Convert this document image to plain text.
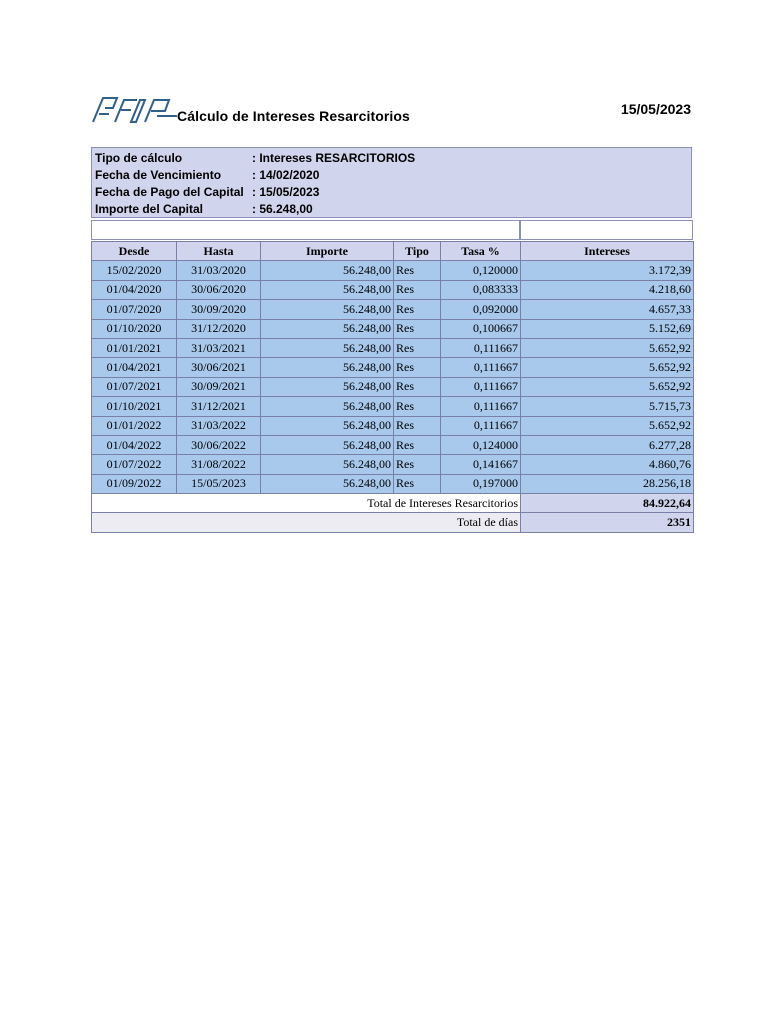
Cálculo de Intereses Resarcitorios	15/05/2023
Tipo de cálculo	: Intereses RESARCITORIOS
Fecha de Vencimiento	: 14/02/2020
Fecha de Pago del Capital : 15/05/2023
Importe del Capital	: 56.248,00
Desde	Hasta	Importe	Tipo	Tasa %	Intereses
15/02/2020	31/03/2020	56.248,00	Res	0,120000	3.172,39
01/04/2020	30/06/2020	56.248,00	Res	0,083333	4.218,60
01/07/2020	30/09/2020	56.248,00	Res	0,092000	4.657,33
01/10/2020	31/12/2020	56.248,00	Res	0,100667	5.152,69
01/01/2021	31/03/2021	56.248,00	Res	0,111667	5.652,92
01/04/2021	30/06/2021	56.248,00	Res	0,111667	5.652,92
01/07/2021	30/09/2021	56.248,00	Res	0,111667	5.652,92
01/10/2021	31/12/2021	56.248,00	Res	0,111667	5.715,73
01/01/2022	31/03/2022	56.248,00	Res	0,111667	5.652,92
01/04/2022	30/06/2022	56.248,00	Res	0,124000	6.277,28
01/07/2022	31/08/2022	56.248,00	Res	0,141667	4.860,76
01/09/2022	15/05/2023	56.248,00	Res	0,197000	28.256,18
Total de Intereses Resarcitorios					84.922,64
Total de días					2351
